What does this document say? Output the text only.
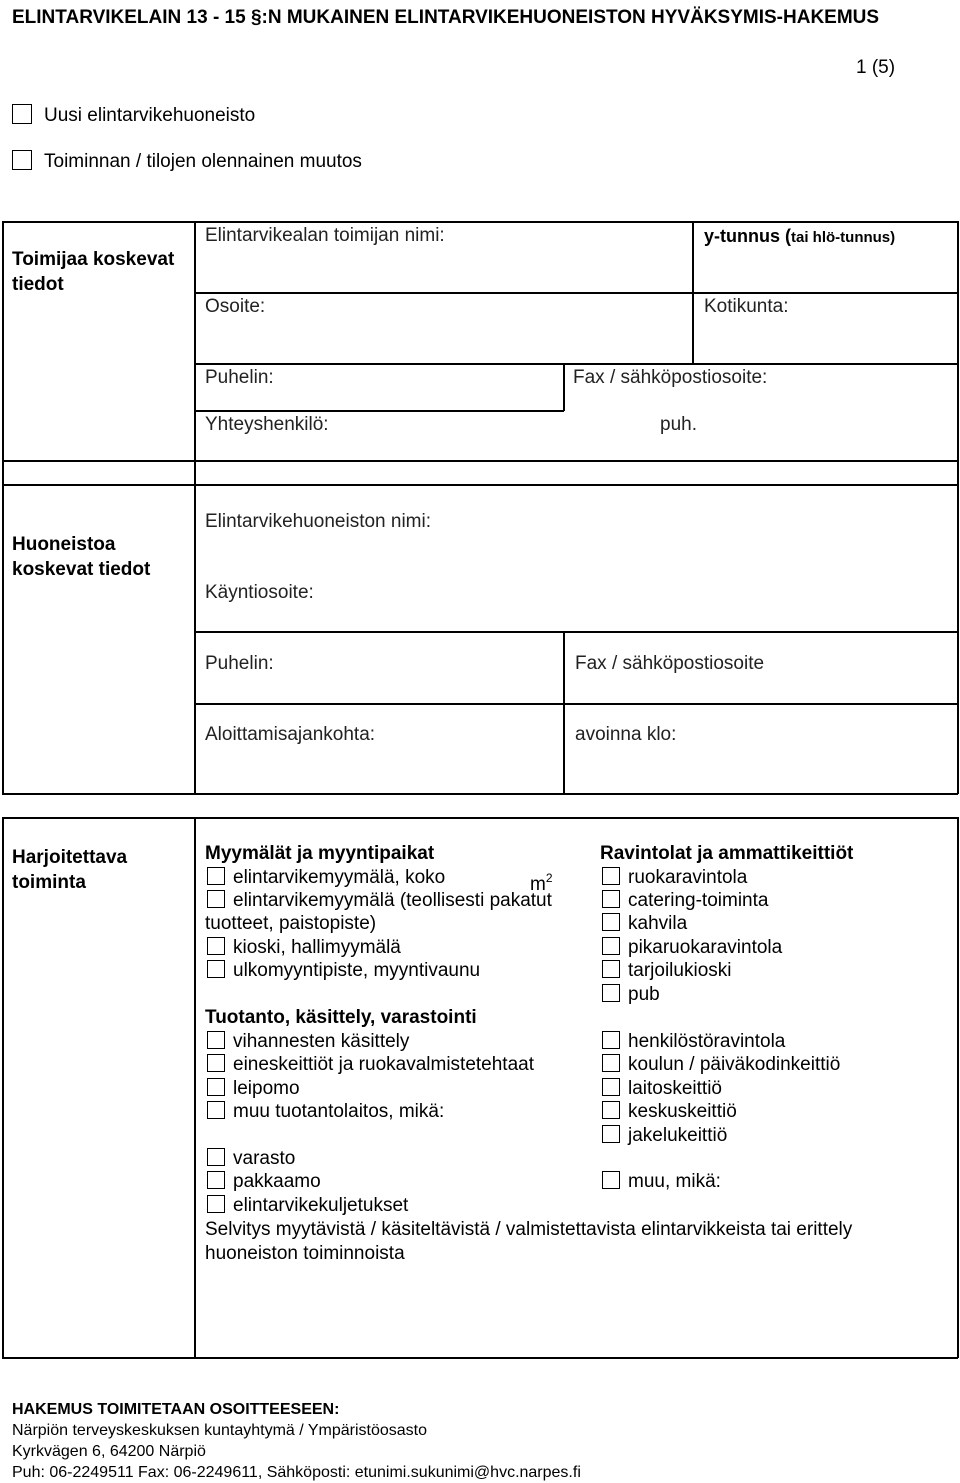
ELINTARVIKELAIN 13 - 15 §:N MUKAINEN ELINTARVIKEHUONEISTON HYVÄKSYMIS-HAKEMUS
1 (5)
Uusi elintarvikehuoneisto
Toiminnan / tilojen olennainen muutos
Toimijaa koskevat tiedot
Elintarvikealan toimijan nimi:	y-tunnus (tai hlö-tunnus)
Osoite:	Kotikunta:
Puhelin:	Fax / sähköpostiosoite:
Yhteyshenkilö:	puh.
Huoneistoa koskevat tiedot
Elintarvikehuoneiston nimi:
Käyntiosoite:
Puhelin:	Fax / sähköpostiosoite
Aloittamisajankohta:	avoinna klo:
Harjoitettava toiminta
Myymälät ja myyntipaikat
elintarvikemyymälä, koko	$m^2$
elintarvikemyymälä (teollisesti pakatut
tuotteet, paistopiste)
kioski, hallimyymälä
ulkomyyntipiste, myyntivaunu
Tuotanto, käsittely, varastointi
vihannesten käsittely
eineskeittiöt ja ruokavalmistetehtaat
leipomo
muu tuotantolaitos, mikä:
varasto
pakkaamo
elintarvikekuljetukset
Ravintolat ja ammattikeittiöt
ruokaravintola
catering-toiminta
kahvila
pikaruokaravintola
tarjoilukioski
pub
henkilöstöravintola
koulun / päiväkodinkeittiö
laitoskeittiö
keskuskeittiö
jakelukeittiö
muu, mikä:
Selvitys myytävistä / käsiteltävistä / valmistettavista elintarvikkeista tai erittely
huoneiston toiminnoista
HAKEMUS TOIMITETAAN OSOITTEESEEN:
Närpiön terveyskeskuksen kuntayhtymä / Ympäristöosasto
Kyrkvägen 6, 64200 Närpiö
Puh: 06-2249511 Fax: 06-2249611, Sähköposti: etunimi.sukunimi@hvc.narpes.fi
